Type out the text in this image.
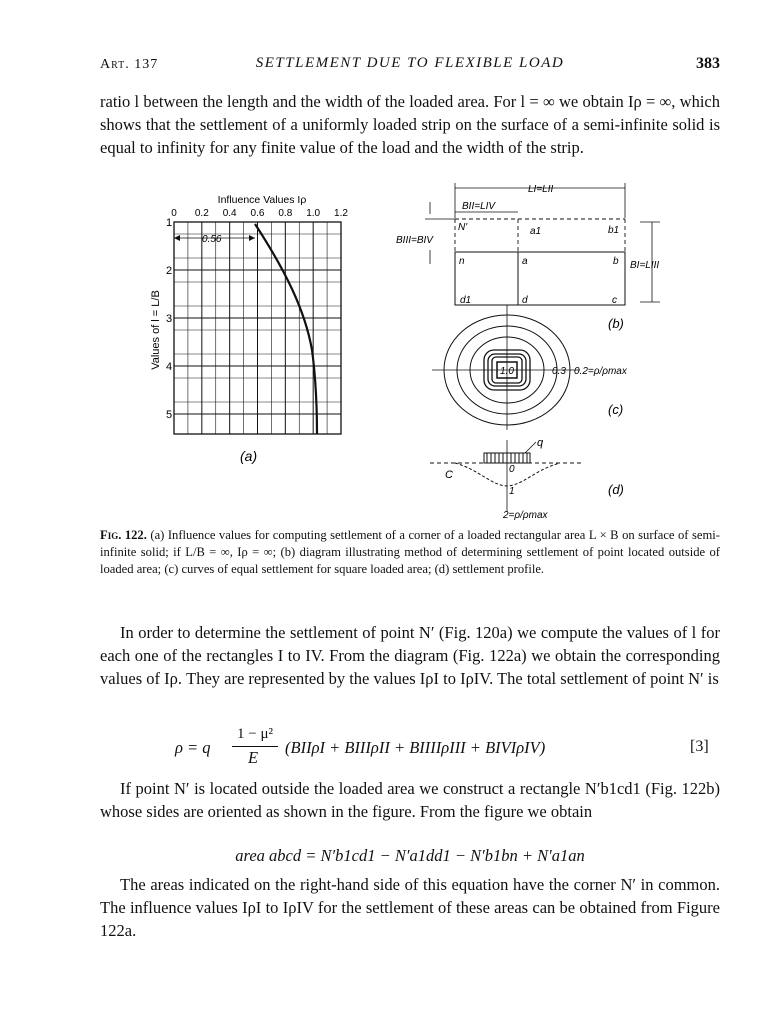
Art. 137	SETTLEMENT DUE TO FLEXIBLE LOAD	383

ratio l between the length and the width of the loaded area. For l = ∞ we obtain Iρ = ∞, which shows that the settlement of a uniformly loaded strip on the surface of a semi-infinite solid is equal to infinity for any finite value of the load and the width of the strip.

Influence Values Iρ
0 0.2 0.4 0.6 0.8 1.0 1.2
1
2
3
4
5
0.56
Values of l = L/B
(a)
LI=LII
BII=LIV
BIII=BIV
BI=LIII
N'	a1	b1
n	a	b
d1	d	c
(b)
1.0	0.3 0.2=ρ/ρmax
(c)
q
C	0
1
2=ρ/ρmax
(d)
Fig. 122. (a) Influence values for computing settlement of a corner of a loaded rectangular area L × B on surface of semi-infinite solid; if L/B = ∞, Iρ = ∞; (b) diagram illustrating method of determining settlement of point located outside of loaded area; (c) curves of equal settlement for square loaded area; (d) settlement profile.

In order to determine the settlement of point N′ (Fig. 120a) we compute the values of l for each one of the rectangles I to IV. From the diagram (Fig. 122a) we obtain the corresponding values of Iρ. They are represented by the values IρI to IρIV. The total settlement of point N′ is

ρ = q
1 − μ²
E
(BIIρI + BIIIρII + BIIIIρIII + BIVIρIV)	[3]

If point N′ is located outside the loaded area we construct a rectangle N′b1cd1 (Fig. 122b) whose sides are oriented as shown in the figure. From the figure we obtain

area abcd = N′b1cd1 − N′a1dd1 − N′b1bn + N′a1an

The areas indicated on the right-hand side of this equation have the corner N′ in common. The influence values IρI to IρIV for the settlement of these areas can be obtained from Figure 122a.
